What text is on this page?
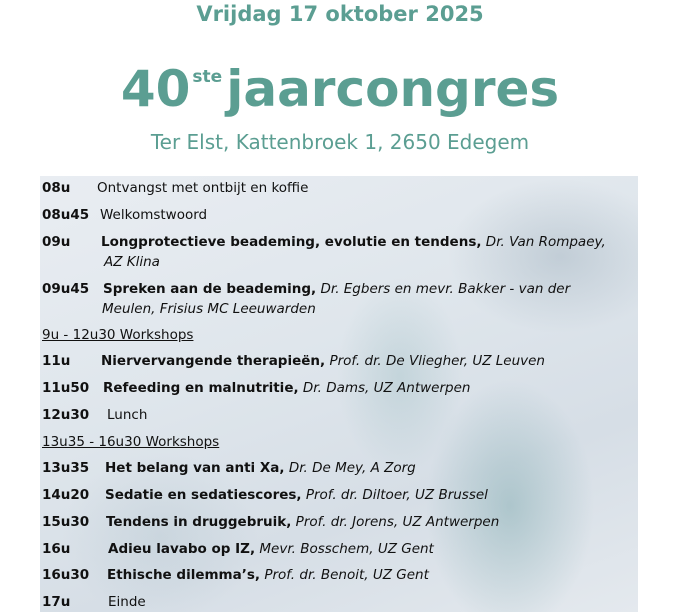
Vrijdag 17 oktober 2025
40 $^{ste}$jaarcongres
Ter Elst, Kattenbroek 1, 2650 Edegem
08u Ontvangst met ontbijt en koffie
08u45 Welkomstwoord
09u Longprotectieve beademing, evolutie en tendens, Dr. Van Rompaey,
AZ Klina
09u45 Spreken aan de beademing, Dr. Egbers en mevr. Bakker - van der
Meulen, Frisius MC Leeuwarden
9u - 12u30 Workshops
11u Niervervangende therapieën, Prof. dr. De Vliegher, UZ Leuven
11u50 Refeeding en malnutritie, Dr. Dams, UZ Antwerpen
12u30 Lunch
13u35 - 16u30 Workshops
13u35 Het belang van anti Xa, Dr. De Mey, A Zorg
14u20 Sedatie en sedatiescores, Prof. dr. Diltoer, UZ Brussel
15u30 Tendens in druggebruik, Prof. dr. Jorens, UZ Antwerpen
16u	Adieu lavabo op IZ, Mevr. Bosschem, UZ Gent
16u30 Ethische dilemma’s, Prof. dr. Benoit, UZ Gent
17u	Einde
